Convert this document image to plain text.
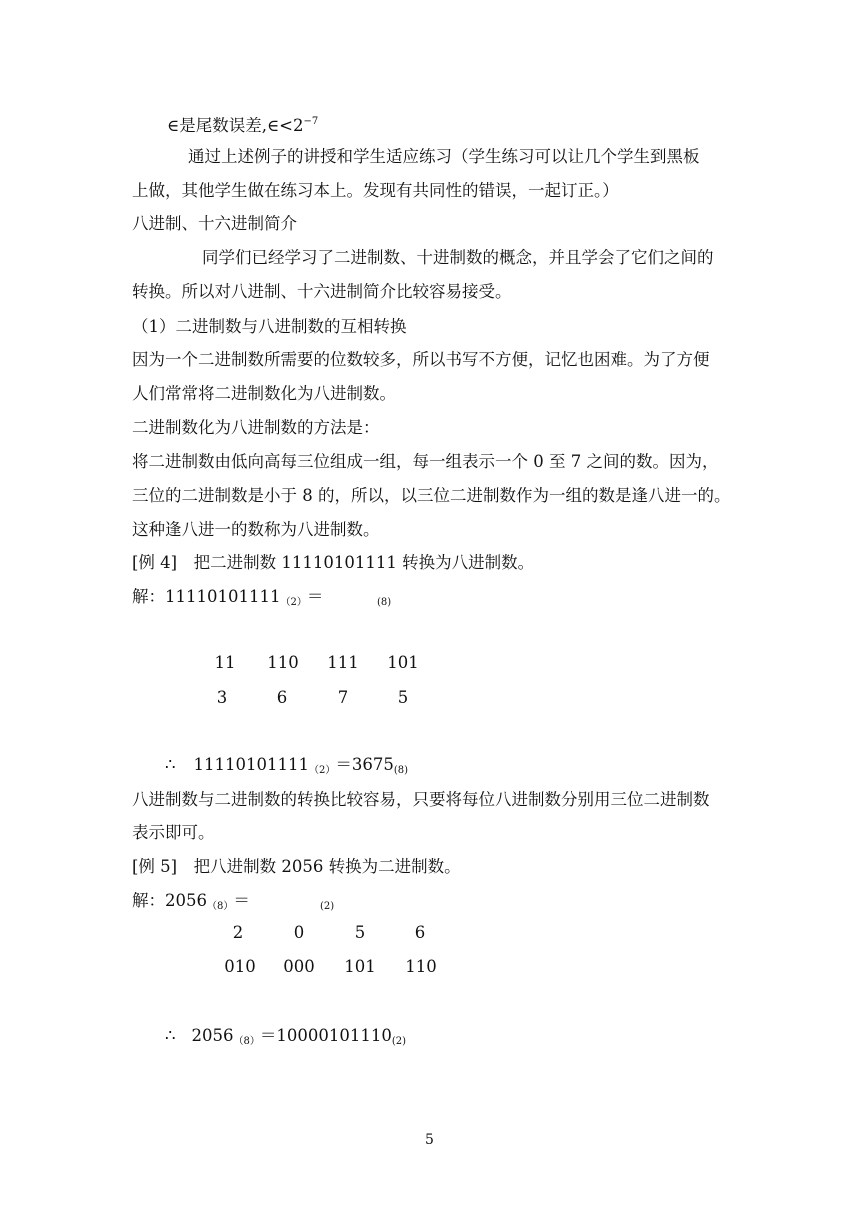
∈是尾数误差$,\in<2^{-7}$
通过上述例子的讲授和学生适应练习（学生练习可以让几个学生到黑板
上做，其他学生做在练习本上。发现有共同性的错误，一起订正。）
八进制、十六进制简介
同学们已经学习了二进制数、十进制数的概念，并且学会了它们之间的
转换。所以对八进制、十六进制简介比较容易接受。
（1）二进制数与八进制数的互相转换
因为一个二进制数所需要的位数较多，所以书写不方便，记忆也困难。为了方便
人们常常将二进制数化为八进制数。
二进制数化为八进制数的方法是：
将二进制数由低向高每三位组成一组，每一组表示一个 0 至 7 之间的数。因为，
三位的二进制数是小于 8 的，所以，以三位二进制数作为一组的数是逢八进一的。
这种逢八进一的数称为八进制数。
[例 4]　把二进制数 11110101111 转换为八进制数。
解：$11110101111_{(2)}=$	(8)
11	110	111	101
3	6	7	5
∴ $11110101111_{(2)}=3675_{(8)}$
八进制数与二进制数的转换比较容易，只要将每位八进制数分别用三位二进制数
表示即可。
[例 5]　把八进制数 2056 转换为二进制数。
解：$2056_{(8)}=$	(2)
2	0	5	6
010	000	101	110
∴ $2056_{(8)}=10000101110_{(2)}$
5
